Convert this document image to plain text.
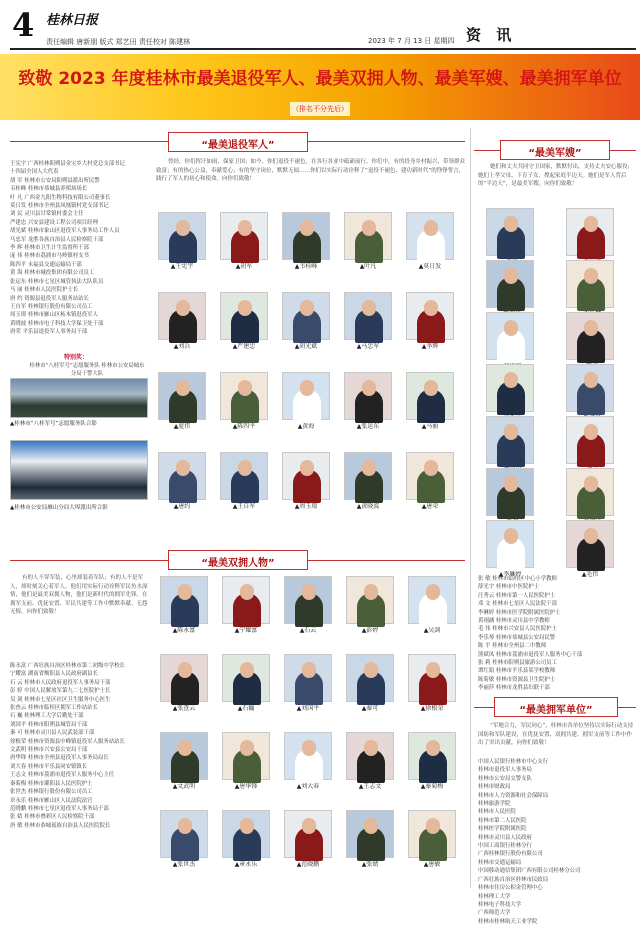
4 桂林日报
责任编辑 唐新朋 版式 郑艺田 责任校对 陈建林	2023 年 7 月 13 日 星期四 资 讯
致敬 2023 年度桂林市最美退役军人、最美双拥人物、最美军嫂、最美拥军单位
（排名不分先后）
“最美退役军人”
王宪宇 广西桂林阳朔县金宝乡大村党总支部书记
十四届全国人大代表
胡 军 桂林市公安局阳朔县派出所民警
韦桂峰 桂林市恭城县养殖场场长
叶 凡 广西金九阳生物科技有限公司董事长
莫日发 桂林市全州县凤凰镇村党支部书记
刘 民 灵川县甘棠镇村委会主任
严建忠 兴安县建设工程公司项目经理
胡光斌 桂林市象山区退役军人事务局工作人员
马忠军 龙胜各族自治县人民检察院干部
李 辉 桂林市卫生计生监督所干部
庞 伟 桂林市荔浦市马岭镇村支书
陈四平 永福县交通运输局干部
黄 海 桂林市城投集团有限公司员工
张运东 桂林市七星区城管执法大队队员
马 丽 桂林市人民医院护士长
唐 约 资源县退役军人服务站站长
王自军 桂林银行股份有限公司员工
周玉璟 桂林市雁山区柘木镇退役军人
黄晓波 桂林市电子科技大学保卫处干部
唐荣 平乐县退役军人事务局干部
特别奖：
桂林市“八桂军号”志愿服务队 桂林市公安局城东分局干警大队
▲桂林市“八桂军号”志愿服务队合影
▲桂林市公安局雁山分局大埠派出所合影
曾经，你们挥汗如雨、保家卫国；如今，你们退役不褪色，在各行各业中砥砺前行。你们中，有的投身乡村振兴，带领群众致富；有的热心公益，奉献爱心；有的坚守岗位，默默无闻……你们以实际行动诠释了“退役不褪色、建功新时代”的铮铮誓言，践行了军人的初心和使命。向你们致敬！
▲王宪宇	▲胡军	▲韦桂峰	▲叶凡	▲莫日发
▲刘兵	▲严建忠	▲胡光斌	▲马忠军	▲李辉
▲庞伟	▲陈四平	▲黄海	▲张运东	▲马丽
▲唐约	▲王自军	▲周玉璟	▲黄晓波	▲唐荣
“最美军嫂”
她们和丈夫共同守卫国家，默默付出，支持丈夫安心服役；她们上孝父母、下育子女，撑起家庭半边天。她们是军人背后的“半边天”，是最美军嫂。向你们致敬！
▲李琳婷	▲毛伟
张 敏 桂林市临桂区中心小学教师
薛光宇 桂林市中医院护士
汪秀云 桂林市第一人民医院护士
邓 文 桂林市七星区人民法院干部
李琳婷 桂林市医学院附属医院护士
黄翊涵 桂林市灵川县中学教师
毛 伟 桂林市兴安县人民医院护士
李乐琴 桂林市恭城县公安局民警
陈 平 桂林市全州县二中教师
熊斌凤 桂林市荔浦市退役军人服务中心干部
张 莉 桂林市阳朔县旅游公司员工
谭红娟 桂林市平乐县某学校教师
陈菊敏 桂林市资源县卫生院护士
李丽莎 桂林市龙胜县妇联干部
“最美拥军单位”
“军地合力，军民同心”，桂林市各单位坚持以实际行动支持国防和军队建设，在优抚安置、双拥共建、拥军支前等工作中作出了突出贡献。向你们致敬！
中国人民银行桂林市中心支行
桂林市退役军人事务局
桂林市公安局交警支队
桂林市财政局
桂林市人力资源和社会保障局
桂林旅游学院
桂林市人民医院
桂林市第二人民医院
桂林医学院附属医院
桂林市灵川县人民政府
中国工商银行桂林分行
广西桂林银行股份有限公司
桂林市交通运输局
中国移动通信集团广西有限公司桂林分公司
广西壮族自治区桂林市民政局
桂林市住房公积金管理中心
桂林理工大学
桂林电子科技大学
广西师范大学
桂林市桂林航天工业学院
“最美双拥人物”
有的人不穿军装，心里却装着军队；有的人不是军人，却时刻关心着军人。他们用实际行动诠释军民鱼水深情，他们是最美双拥人物，他们是新时代的拥军先锋。在拥军支前、优抚安置、军民共建等工作中默默奉献、无怨无悔。向你们致敬！
陈永富 广西壮族自治区桂林市第二初级中学校长
宁耀富 湖南省衡阳县人民政府副县长
石 云 桂林市人民政府退役军人事务局干部
彭 婷 中国人民解放军第九二七医院护士长
吴 剑 桂林市七星区社区卫生服务中心医生
张查云 桂林市临桂区拥军工作站站长
石 巍 桂林理工大学后勤处干部
刘国平 桂林市阳朔县城管局干部
秦 可 桂林市灵川县人民武装部干部
徐根荣 桂林市资源县中峰镇退役军人服务站站长
文武明 桂林市兴安县公安局干部
唐华锋 桂林市全州县退役军人事务局局长
刘大春 桂林市平乐县同安镇镇长
王志文 桂林市荔浦市退役军人服务中心主任
秦菊梅 桂林市灌阳县人民医院护士
张世杰 桂林银行股份有限公司员工
章永乐 桂林市雁山区人民法院法官
范晓鹏 桂林市七星区退役军人事务局干部
张 婧 桂林市叠彩区人民检察院干部
唐 敏 桂林市恭城瑶族自治县人民医院院长
▲陈永富	▲宁耀富	▲石云	▲彭婷	▲吴剑
▲张查云	▲石巍	▲刘国平	▲秦可	▲徐根荣
▲文武明	▲唐华锋	▲刘大春	▲王志文	▲秦菊梅
▲张世杰	▲章永乐	▲范晓鹏	▲张婧	▲唐敏
